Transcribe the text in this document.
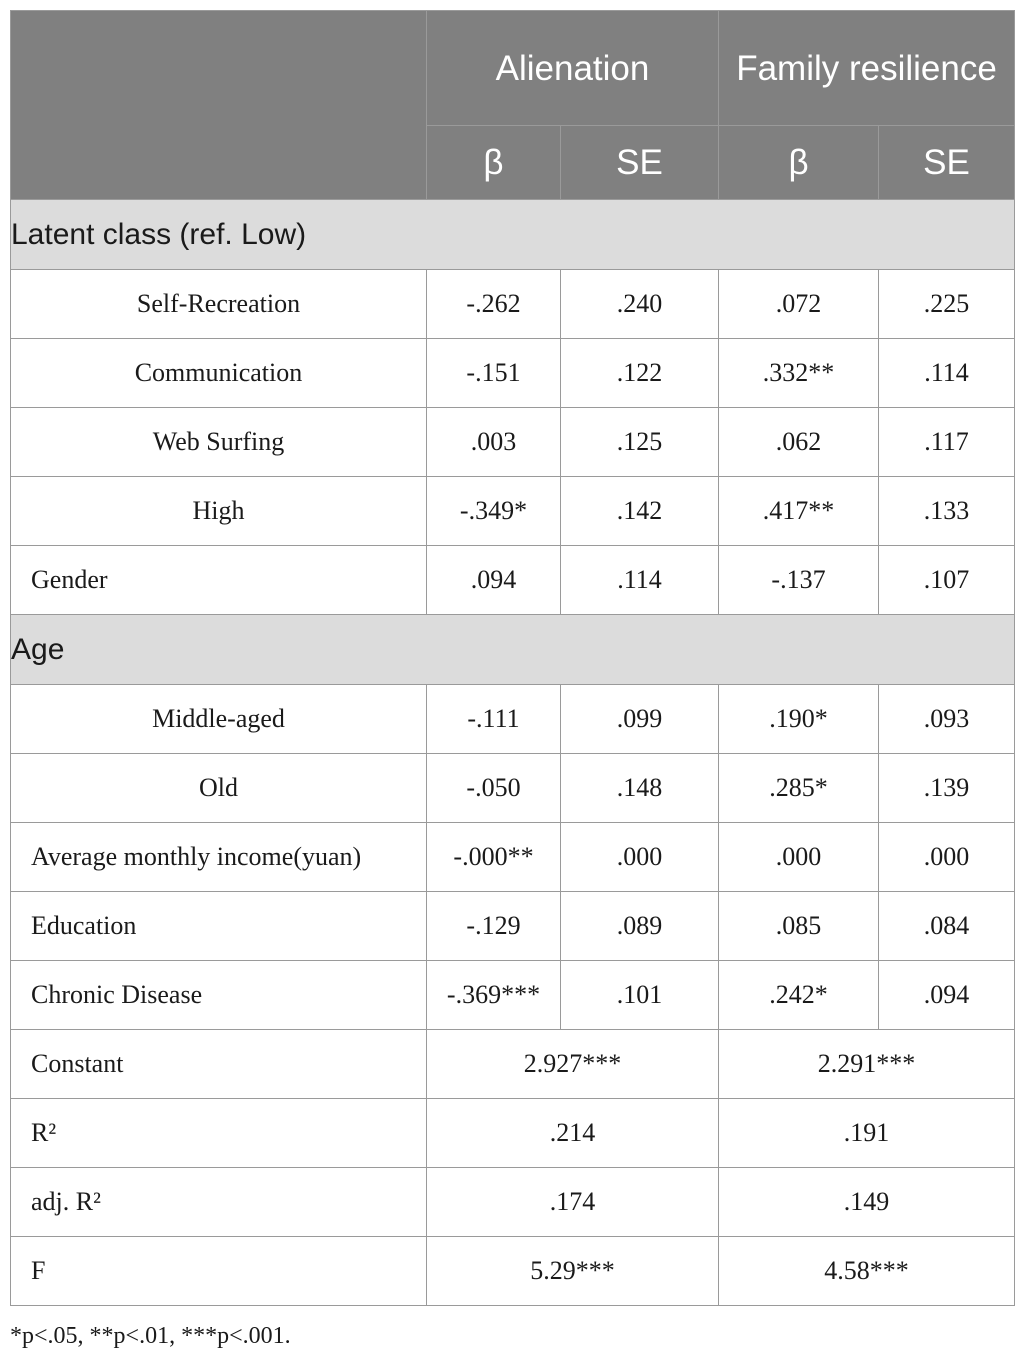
	Alienation		Family resilience	
	β	SE	β	SE
Latent class (ref. Low)				
Self-Recreation	-.262	.240	.072	.225
Communication	-.151	.122	.332**	.114
Web Surfing	.003	.125	.062	.117
High	-.349*	.142	.417**	.133
Gender	.094	.114	-.137	.107
Age				
Middle-aged	-.111	.099	.190*	.093
Old	-.050	.148	.285*	.139
Average monthly income(yuan)	-.000**	.000	.000	.000
Education	-.129	.089	.085	.084
Chronic Disease	-.369***	.101	.242*	.094
Constant	2.927***		2.291***	
R²	.214		.191	
adj. R²	.174		.149	
F	5.29***		4.58***	
*p<.05, **p<.01, ***p<.001.
